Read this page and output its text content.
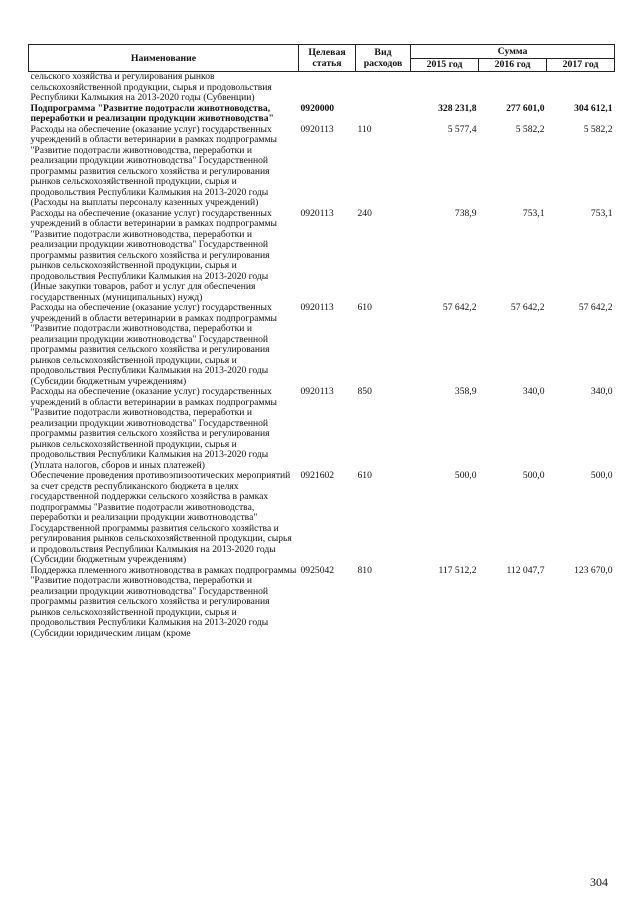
Наименование	Целевая статья	Вид расходов	Сумма		
			2015 год	2016 год	2017 год
сельского хозяйства и регулирования рынков сельскохозяйственной продукции, сырья и продовольствия Республики Калмыкия на 2013-2020 годы (Субвенции)					
Подпрограмма "Развитие подотрасли животноводства, переработки и реализации продукции животноводства"	0920000		328 231,8	277 601,0	304 612,1
Расходы на обеспечение (оказание услуг) государственных учреждений в области ветеринарии в рамках подпрограммы "Развитие подотрасли животноводства, переработки и реализации продукции животноводства" Государственной программы развития сельского хозяйства и регулирования рынков сельскохозяйственной продукции, сырья и продовольствия Республики Калмыкия на 2013-2020 годы (Расходы на выплаты персоналу казенных учреждений)	0920113	110	5 577,4	5 582,2	5 582,2
Расходы на обеспечение (оказание услуг) государственных учреждений в области ветеринарии в рамках подпрограммы "Развитие подотрасли животноводства, переработки и реализации продукции животноводства" Государственной программы развития сельского хозяйства и регулирования рынков сельскохозяйственной продукции, сырья и продовольствия Республики Калмыкия на 2013-2020 годы (Иные закупки товаров, работ и услуг для обеспечения государственных (муниципальных) нужд)	0920113	240	738,9	753,1	753,1
Расходы на обеспечение (оказание услуг) государственных учреждений в области ветеринарии в рамках подпрограммы "Развитие подотрасли животноводства, переработки и реализации продукции животноводства" Государственной программы развития сельского хозяйства и регулирования рынков сельскохозяйственной продукции, сырья и продовольствия Республики Калмыкия на 2013-2020 годы (Субсидии бюджетным учреждениям)	0920113	610	57 642,2	57 642,2	57 642,2
Расходы на обеспечение (оказание услуг) государственных учреждений в области ветеринарии в рамках подпрограммы "Развитие подотрасли животноводства, переработки и реализации продукции животноводства" Государственной программы развития сельского хозяйства и регулирования рынков сельскохозяйственной продукции, сырья и продовольствия Республики Калмыкия на 2013-2020 годы (Уплата налогов, сборов и иных платежей)	0920113	850	358,9	340,0	340,0
Обеспечение проведения противоэпизоотических мероприятий за счет средств республиканского бюджета в целях государственной поддержки сельского хозяйства в рамках подпрограммы "Развитие подотрасли животноводства, переработки и реализации продукции животноводства" Государственной программы развития сельского хозяйства и регулирования рынков сельскохозяйственной продукции, сырья и продовольствия Республики Калмыкия на 2013-2020 годы (Субсидии бюджетным учреждениям)	0921602	610	500,0	500,0	500,0
Поддержка племенного животноводства в рамках подпрограммы "Развитие подотрасли животноводства, переработки и реализации продукции животноводства" Государственной программы развития сельского хозяйства и регулирования рынков сельскохозяйственной продукции, сырья и продовольствия Республики Калмыкия на 2013-2020 годы (Субсидии юридическим лицам (кроме	0925042	810	117 512,2	112 047,7	123 670,0
304
